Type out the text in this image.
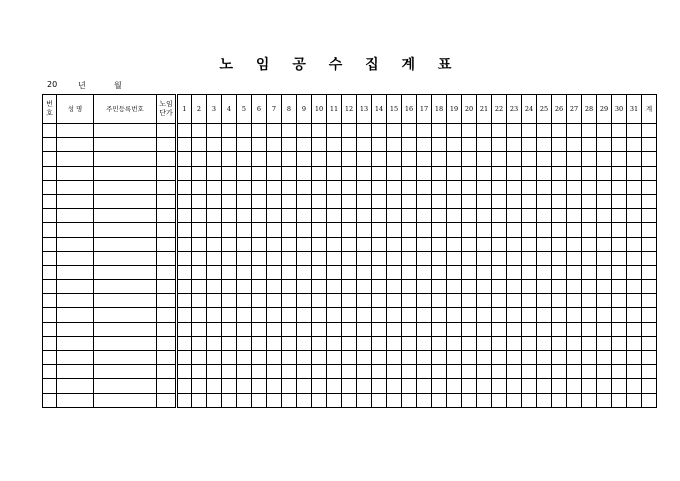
노 임 공 수 집 계 표
20	년	월
번호	성 명	주민등록번호	노임단가	1	2	3	4	5	6	7	8	9	10	11	12	13	14	15	16	17	18	19	20	21	22	23	24	25	26	27	28	29	30	31	계
